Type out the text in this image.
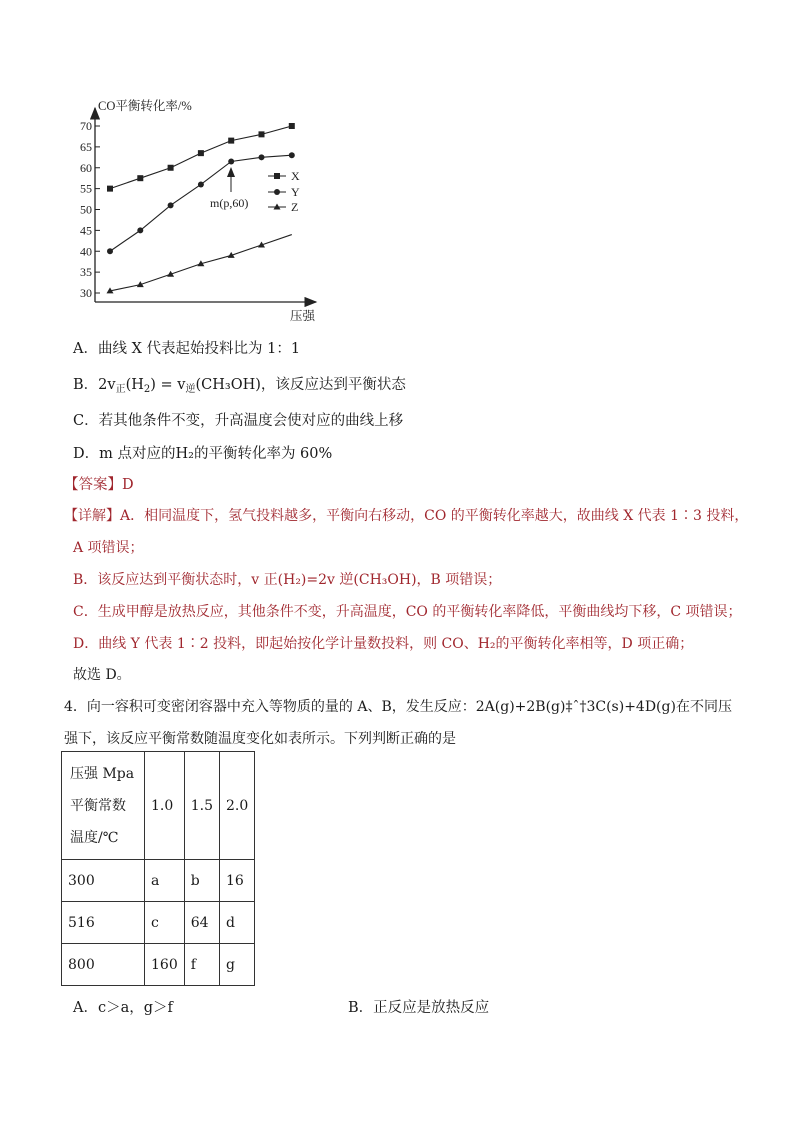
CO平衡转化率/%
压强
70
65
60
55
50
45
40
35
30
X
Y
Z
m(p,60)
A．曲线 X 代表起始投料比为 1：1
B．$2v_正(H_2) = v_逆(CH_3OH)$，该反应达到平衡状态
C．若其他条件不变，升高温度会使对应的曲线上移
D．m 点对应的H₂的平衡转化率为 60%
【答案】D
【详解】A．相同温度下，氢气投料越多，平衡向右移动，CO 的平衡转化率越大，故曲线 X 代表 1∶3 投料，
A 项错误；
B．该反应达到平衡状态时，v 正(H₂)=2v 逆(CH₃OH)，B 项错误；
C．生成甲醇是放热反应，其他条件不变，升高温度，CO 的平衡转化率降低，平衡曲线均下移，C 项错误；
D．曲线 Y 代表 1∶2 投料，即起始按化学计量数投料，则 CO、H₂的平衡转化率相等，D 项正确；
故选 D。
4．向一容积可变密闭容器中充入等物质的量的 A、B，发生反应：2A(g)+2B(g)‡ˆ†3C(s)+4D(g)在不同压
强下，该反应平衡常数随温度变化如表所示。下列判断正确的是
压强 Mpa
平衡常数
温度/℃	1.0	1.5	2.0
300	a	b	16
516	c	64	d
800	160	f	g
A．c＞a，g＞f	B．正反应是放热反应
